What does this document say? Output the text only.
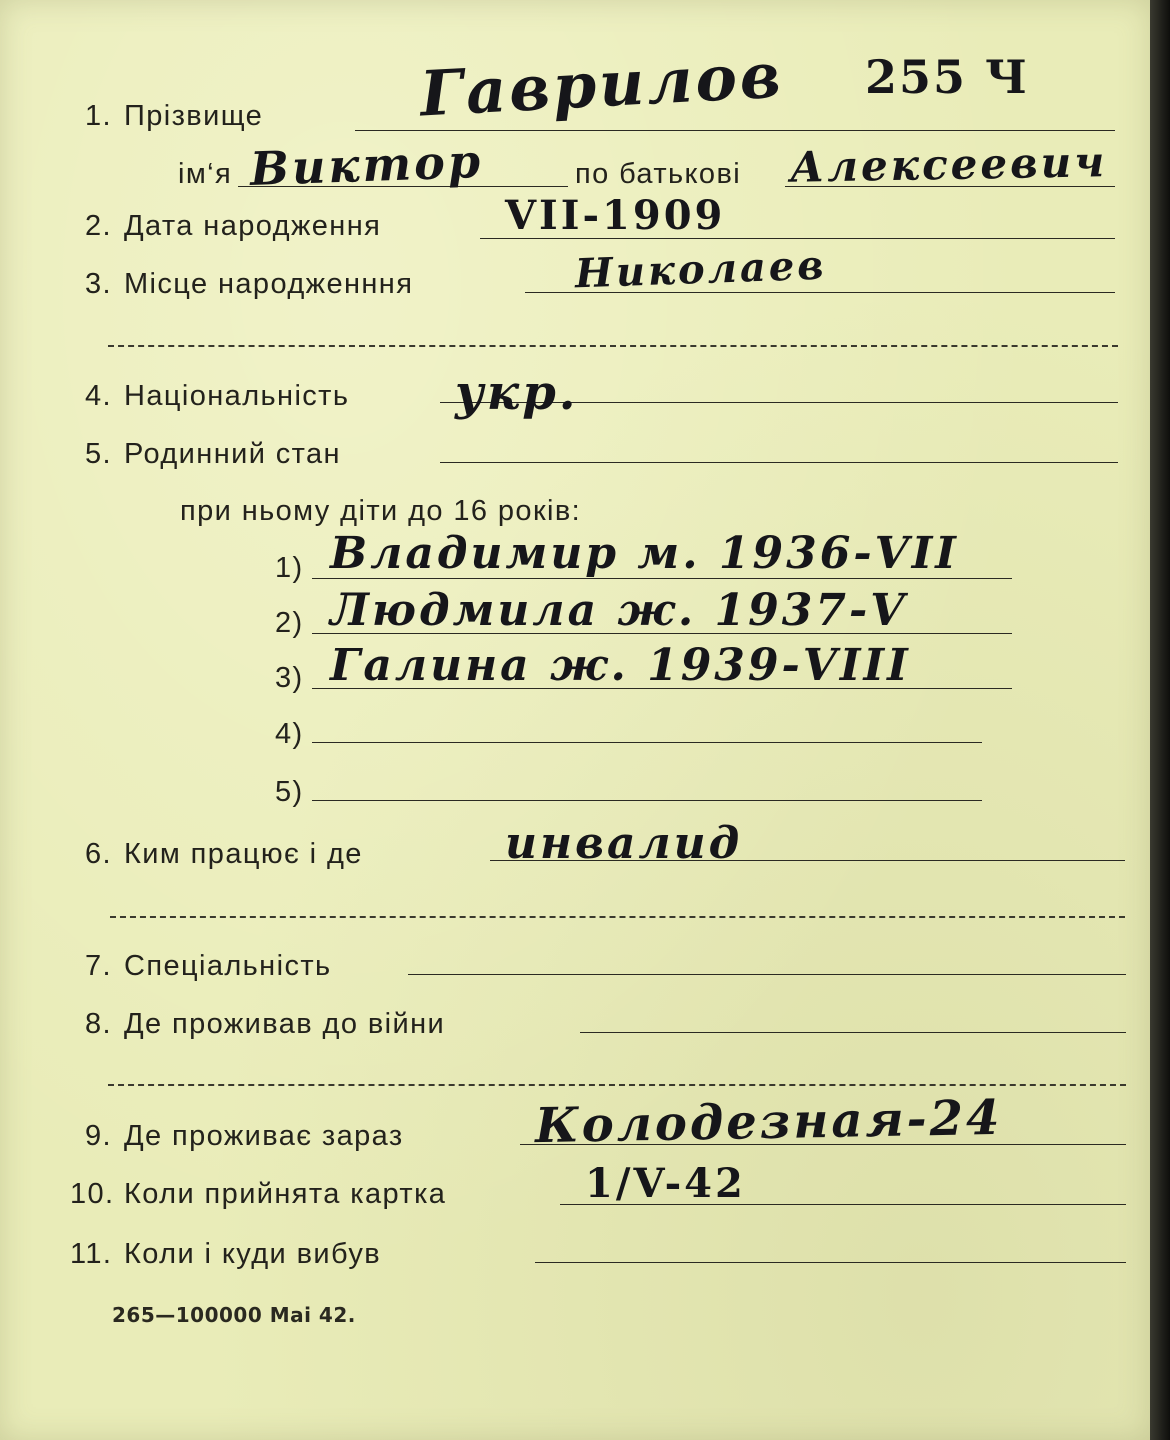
1. Прізвище	Гаврилов 255 Ч
ім‘я Виктор	по батькові Алексеевич
2. Дата народження	VII-1909
3. Місце народженння	Николаев
4. Національність укр.
5. Родинний стан
при ньому діти до 16 років:
1) Владимир м. 1936-VII
2) Людмила ж. 1937-V
3) Галина ж. 1939-VIII
4)
5)
6. Ким працює і де	инвалид
7. Спеціальність
8. Де проживав до війни
9. Де проживає зараз	Колодезная-24
10. Коли прийнята картка	1/V-42
11. Коли і куди вибув
265—100000 Mai 42.
